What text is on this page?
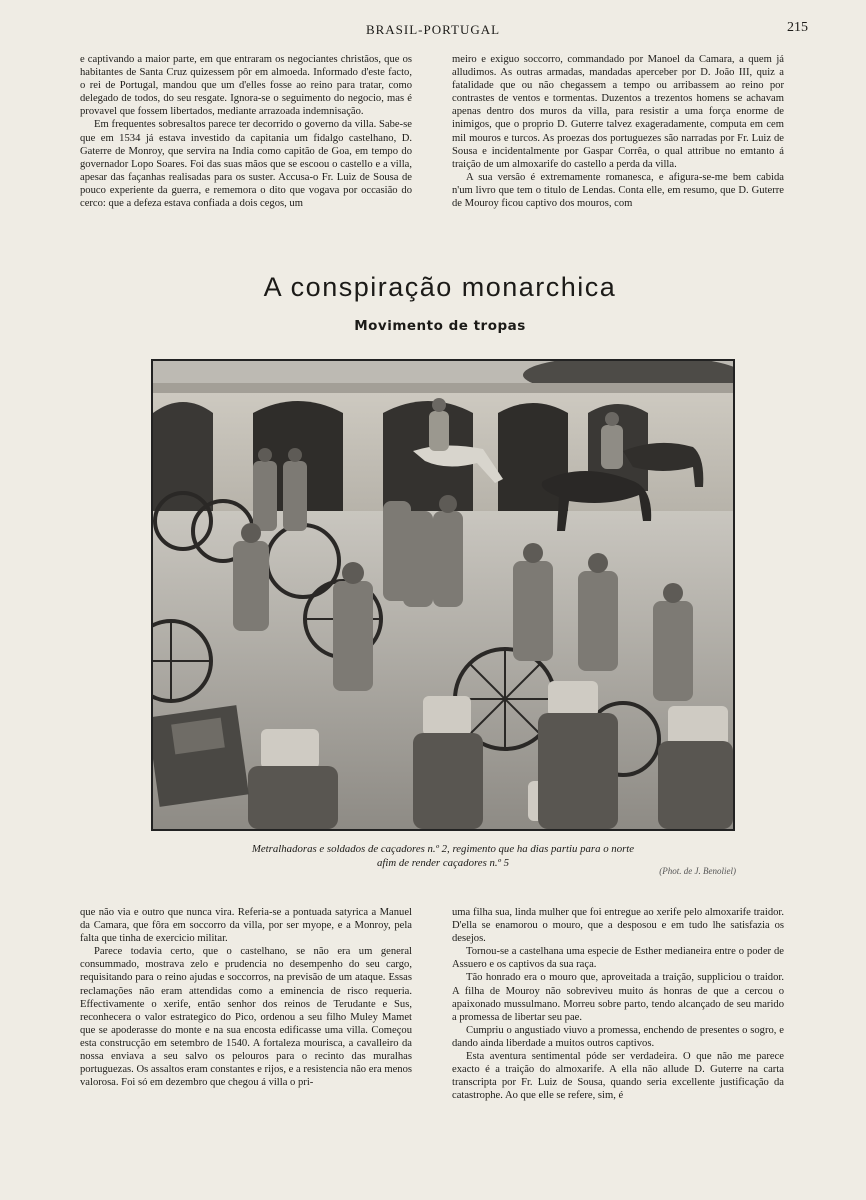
BRASIL-PORTUGAL	215

e captivando a maior parte, em que entraram os negociantes christãos, que os habitantes de Santa Cruz quizessem pôr em almoeda. Informado d'este facto, o rei de Portugal, mandou que um d'elles fosse ao reino para tratar, como delegado de todos, do seu resgate. Ignora-se o seguimento do negocio, mas é provavel que fossem libertados, mediante arrazoada indemnisação.

Em frequentes sobresaltos parece ter decorrido o governo da villa. Sabe-se que em 1534 já estava investido da capitania um fidalgo castelhano, D. Gaterre de Monroy, que servira na India como capitão de Goa, em tempo do governador Lopo Soares. Foi das suas mãos que se escoou o castello e a villa, apesar das façanhas realisadas para os suster. Accusa-o Fr. Luiz de Sousa de pouco experiente da guerra, e rememora o dito que vogava por occasião do cerco: que a defeza estava confiada a dois cegos, um

meiro e exiguo soccorro, commandado por Manoel da Camara, a quem já alludimos. As outras armadas, mandadas aperceber por D. João III, quiz a fatalidade que ou não chegassem a tempo ou arribassem ao reino por contrastes de ventos e tormentas. Duzentos a trezentos homens se achavam apenas dentro dos muros da villa, para resistir a uma força enorme de inimigos, que o proprio D. Guterre talvez exageradamente, computa em cem mil mouros e turcos. As proezas dos portuguezes são narradas por Fr. Luiz de Sousa e incidentalmente por Gaspar Corrêa, o qual attribue no emtanto á traição de um almoxarife do castello a perda da villa.

A sua versão é extremamente romanesca, e afigura-se-me bem cabida n'um livro que tem o titulo de Lendas. Conta elle, em resumo, que D. Guterre de Mouroy ficou captivo dos mouros, com

A conspiração monarchica
Movimento de tropas
Metralhadoras e soldados de caçadores n.º 2, regimento que ha dias partiu para o norte
afim de render caçadores n.º 5
(Phot. de J. Benoliel)

que não via e outro que nunca vira. Referia-se a pontuada satyrica a Manuel da Camara, que fôra em soccorro da villa, por ser myope, e a Monroy, pela falta que tinha de exercicio militar.

Parece todavia certo, que o castelhano, se não era um general consummado, mostrava zelo e prudencia no desempenho do seu cargo, requisitando para o reino ajudas e soccorros, na previsão de um ataque. Essas reclamações não eram attendidas como a eminencia de risco requeria. Effectivamente o xerife, então senhor dos reinos de Terudante e Sus, reconhecera o valor estrategico do Pico, ordenou a seu filho Muley Mamet que se apoderasse do monte e na sua encosta edificasse uma villa. Começou esta construcção em setembro de 1540. A fortaleza mourisca, a cavalleiro da nossa enviava a seu salvo os pelouros para o recinto das muralhas portuguezas. Os assaltos eram constantes e rijos, e a resistencia não era menos valorosa. Foi só em dezembro que chegou á villa o pri-

uma filha sua, linda mulher que foi entregue ao xerife pelo almoxarife traidor. D'ella se enamorou o mouro, que a desposou e em tudo lhe satisfazia os desejos.

Tornou-se a castelhana uma especie de Esther medianeira entre o poder de Assuero e os captivos da sua raça.

Tão honrado era o mouro que, aproveitada a traição, suppliciou o traidor. A filha de Mouroy não sobreviveu muito ás honras de que a cercou o apaixonado mussulmano. Morreu sobre parto, tendo alcançado de seu marido a promessa de libertar seu pae.

Cumpriu o angustiado viuvo a promessa, enchendo de presentes o sogro, e dando ainda liberdade a muitos outros captivos.

Esta aventura sentimental póde ser verdadeira. O que não me parece exacto é a traição do almoxarife. A ella não allude D. Guterre na carta transcripta por Fr. Luiz de Sousa, quando seria excellente justificação da catastrophe. Ao que elle se refere, sim, é
